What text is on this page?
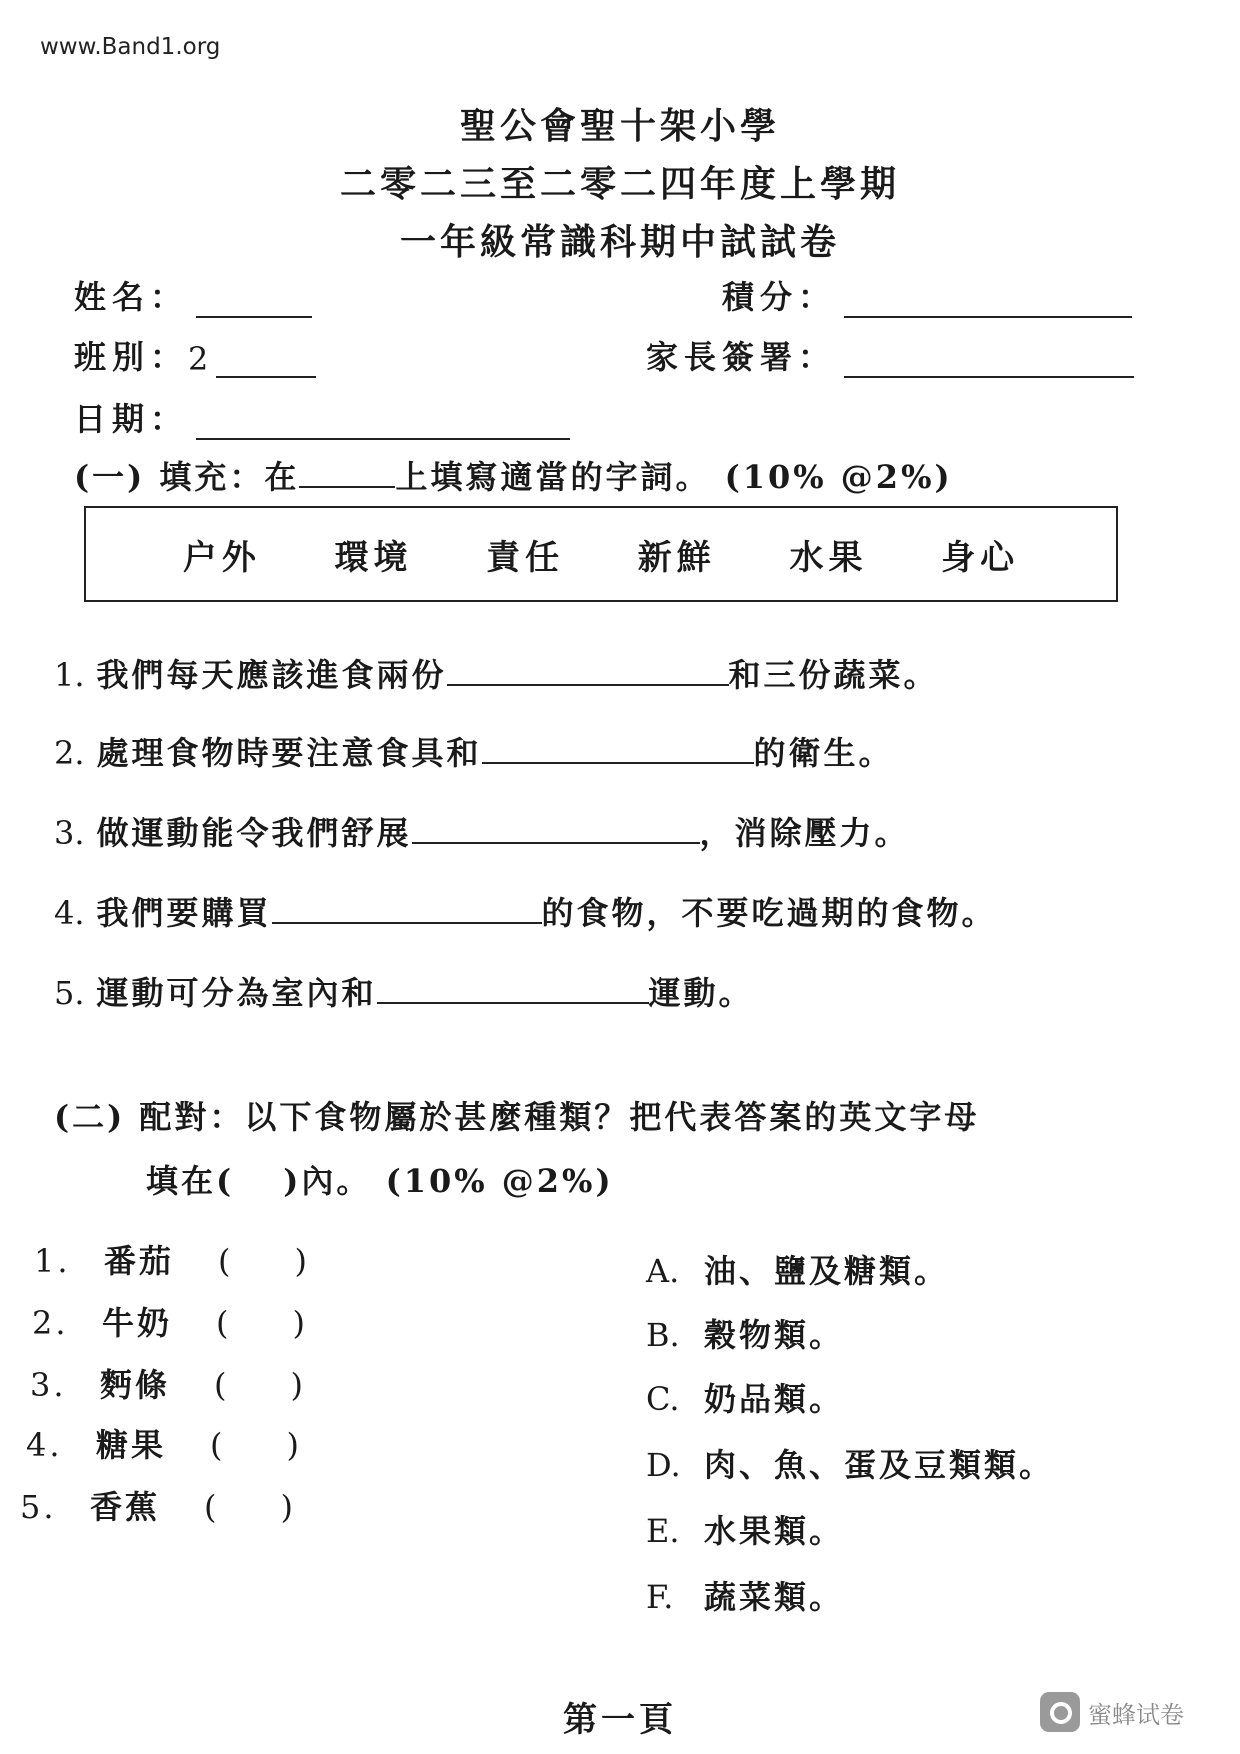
www.Band1.org
聖公會聖十架小學
二零二三至二零二四年度上學期
一年級常識科期中試試卷
姓名：	積分：
班別： 2	家長簽署：
日期：
(一) 填充：在	上填寫適當的字詞。 (10% @2%)
户外 環境 責任 新鮮 水果 身心
1. 我們每天應該進食兩份	和三份蔬菜。
2. 處理食物時要注意食具和	的衛生。
3. 做運動能令我們舒展	，消除壓力。
4. 我們要購買	的食物，不要吃過期的食物。
5. 運動可分為室內和	運動。
(二) 配對：以下食物屬於甚麼種類？把代表答案的英文字母
填在(　 )內。 (10% @2%)
1. 番茄 (　　)
2. 牛奶 (　　)
3. 麪條 (　　)
4. 糖果 (　　)
5. 香蕉 (　　)
A. 油、鹽及糖類。
B. 穀物類。
C. 奶品類。
D. 肉、魚、蛋及豆類類。
E. 水果類。
F. 蔬菜類。
第一頁	蜜蜂试卷
